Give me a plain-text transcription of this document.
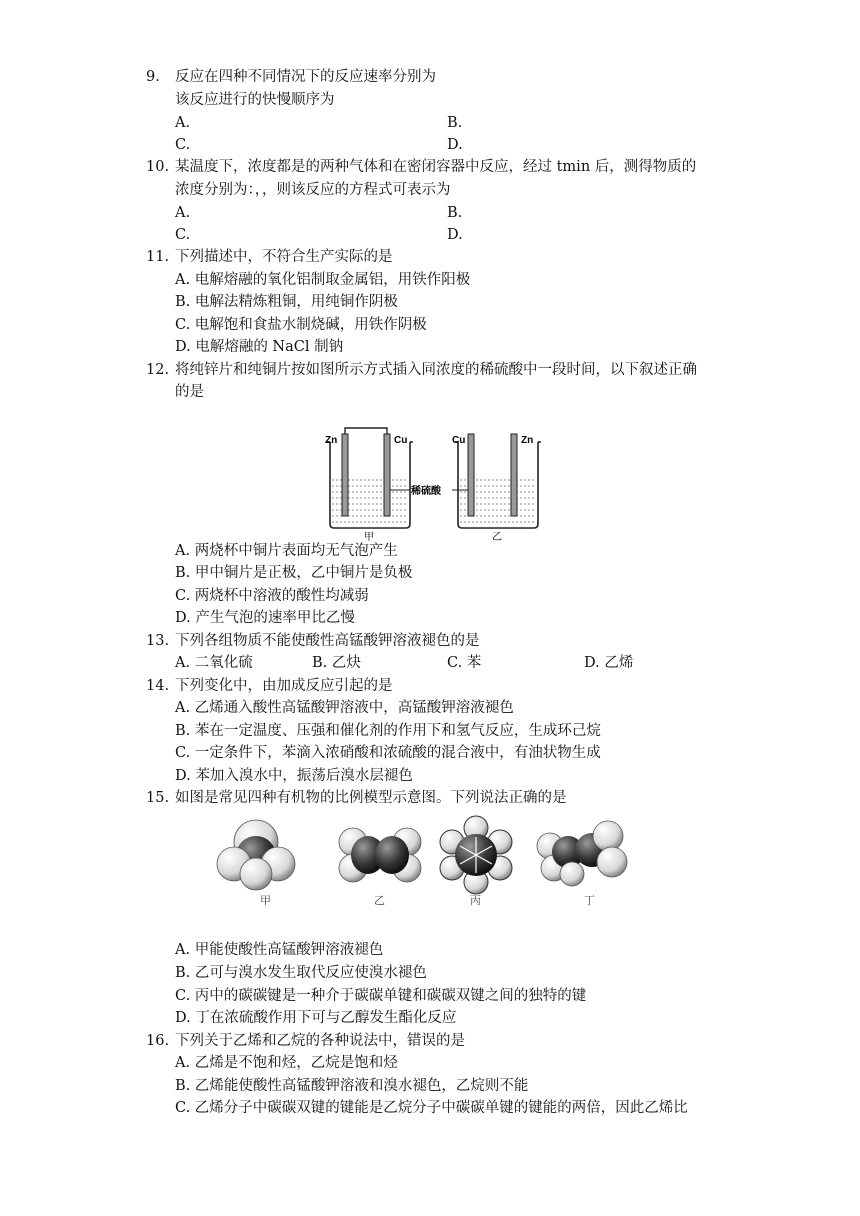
9. 反应在四种不同情况下的反应速率分别为
该反应进行的快慢顺序为
A.	B.
C.	D.
10. 某温度下，浓度都是的两种气体和在密闭容器中反应，经过 tmin 后，测得物质的
浓度分别为：，，则该反应的方程式可表示为
A.	B.
C.	D.
11. 下列描述中，不符合生产实际的是
A. 电解熔融的氧化铝制取金属铝，用铁作阳极
B. 电解法精炼粗铜，用纯铜作阴极
C. 电解饱和食盐水制烧碱，用铁作阴极
D. 电解熔融的 NaCl 制钠
12. 将纯锌片和纯铜片按如图所示方式插入同浓度的稀硫酸中一段时间，以下叙述正确
的是
Zn	Cu
甲
稀硫酸
Cu	Zn
乙
A. 两烧杯中铜片表面均无气泡产生
B. 甲中铜片是正极，乙中铜片是负极
C. 两烧杯中溶液的酸性均减弱
D. 产生气泡的速率甲比乙慢
13. 下列各组物质不能使酸性高锰酸钾溶液褪色的是
A. 二氧化硫	B. 乙炔	C. 苯	D. 乙烯
14. 下列变化中，由加成反应引起的是
A. 乙烯通入酸性高锰酸钾溶液中，高锰酸钾溶液褪色
B. 苯在一定温度、压强和催化剂的作用下和氢气反应，生成环己烷
C. 一定条件下，苯滴入浓硝酸和浓硫酸的混合液中，有油状物生成
D. 苯加入溴水中，振荡后溴水层褪色
15. 如图是常见四种有机物的比例模型示意图。下列说法正确的是
甲	乙	丙	丁
A. 甲能使酸性高锰酸钾溶液褪色
B. 乙可与溴水发生取代反应使溴水褪色
C. 丙中的碳碳键是一种介于碳碳单键和碳碳双键之间的独特的键
D. 丁在浓硫酸作用下可与乙醇发生酯化反应
16. 下列关于乙烯和乙烷的各种说法中，错误的是
A. 乙烯是不饱和烃，乙烷是饱和烃
B. 乙烯能使酸性高锰酸钾溶液和溴水褪色，乙烷则不能
C. 乙烯分子中碳碳双键的键能是乙烷分子中碳碳单键的键能的两倍，因此乙烯比
